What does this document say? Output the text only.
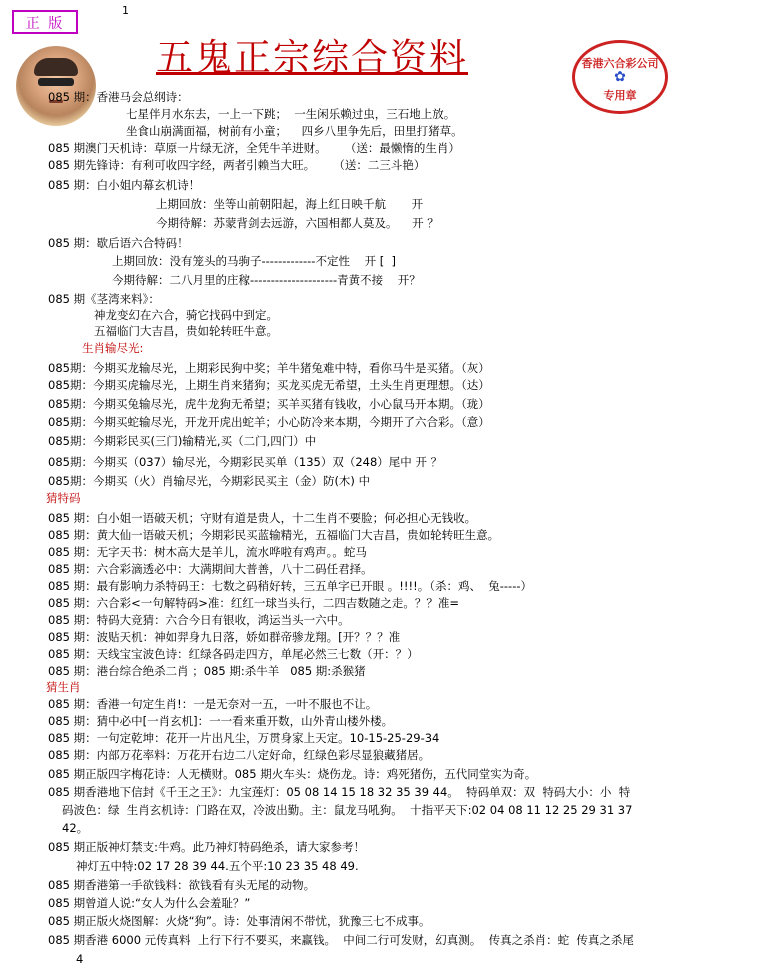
正 版
1
五鬼正宗综合资料	香港六合彩公司
✿
专用章
085 期：香港马会总纲诗：
七星伴月水东去，一上一下跳；  一生闲乐赖过虫，三石地上放。
坐食山崩满面福，树前有小童；    四乡八里争先后，田里打猪草。
085 期澳门天机诗：草原一片绿无济，全凭牛羊进财。     （送：最懒惰的生肖）
085 期先锋诗：有利可收四字经，两者引赖当大旺。     （送：二三斗艳）
085 期：白小姐内幕玄机诗！
上期回放：坐等山前朝阳起，海上红日映千航       开
今期待解：苏蒙背剑去远游，六国相都人莫及。    开 ？
085 期：歇后语六合特码！
上期回放：没有笼头的马驹子-------------不定性    开 [  ]
今期待解：二八月里的庄稼---------------------青黄不接    开？
085 期《茎湾来料》：
神龙变幻在六合，骑它找码中到定。
五福临门大吉昌，贵如轮转旺牛意。
生肖输尽光:
085期：今期买龙输尽光，上期彩民狗中奖；羊牛猪兔难中特，看你马牛是买猪。（灰）
085期：今期买虎输尽光，上期生肖来猪狗；买龙买虎无希望，土头生肖更理想。（达）
085期：今期买兔输尽光，虎牛龙狗无希望；买羊买猪有钱收，小心鼠马开本期。（珑）
085期：今期买蛇输尽光，开龙开虎出蛇羊；小心防冷来本期，今期开了六合彩。（意）
085期：今期彩民买(三门)输精光,买（二门,四门）中
085期：今期买（037）输尽光，今期彩民买单（135）双（248）尾中 开 ？
085期：今期买（火）肖输尽光，今期彩民买主（金）防(木) 中
猜特码
085 期：白小姐一语破天机；守财有道是贵人，十二生肖不要脸；何必担心无钱收。
085 期：黄大仙一语破天机；今期彩民买蓝输精光，五福临门大吉昌，贵如轮转旺生意。
085 期：无字天书：树木高大是羊儿，流水哗啦有鸡声。。蛇马
085 期：六合彩滴透必中：大满期间大普善，八十二码任君择。
085 期：最有影响力杀特码王：七数之码稍好转，三五单字已开眼 。!!!!。（杀：鸡、  兔-----）
085 期：六合彩<一句解特码>准：红红一球当头行，二四吉数随之走。？？准=
085 期：特码大竞猜：六合今日有银收，鸿运当头一六中。
085 期：波贴天机：神如羿身九日落，娇如群帝骖龙翔。[开？？？准
085 期：天线宝宝波色诗：红绿各码走四方，单尾必然三七数（开：？）
085 期：港台综合绝杀二肖 ；085 期:杀牛羊   085 期:杀猴猪
猜生肖
085 期：香港一句定生肖!：一是无奈对一五，一叶不服也不让。
085 期：猜中必中[一肖玄机]：一一看来重开数，山外青山楼外楼。
085 期：一句定乾坤：花开一片出凡尘，万贯身家上天定。10-15-25-29-34
085 期：内部万花率料：万花开右边二八定好命，红绿色彩尽显狼藏猪居。
085 期正版四字梅花诗：人无横财。085 期火车头：烧伤龙。诗：鸡死猪伤，五代同堂实为奇。
085 期香港地下信封《千王之王》：九宝莲灯：05 08 14 15 18 32 35 39 44。  特码单双：双  特码大小：小  特
码波色：绿  生肖玄机诗：门路在双，冷波出勤。主：鼠龙马吼狗。  十指平天下:02 04 08 11 12 25 29 31 37
42。
085 期正版神灯禁支:牛鸡。此乃神灯特码绝杀，请大家参考！
神灯五中特:02 17 28 39 44.五个平:10 23 35 48 49.
085 期香港第一手欲钱料：欲钱看有头无尾的动物。
085 期曾道人说:“女人为什么会羞耻？”
085 期正版火烧图解：火烧“狗”。诗：处事清闲不带忧，犹豫三七不成事。
085 期香港 6000 元传真料  上行下行不要买，来赢钱。  中间二行可发财，幻真测。  传真之杀肖：蛇  传真之杀尾
4
